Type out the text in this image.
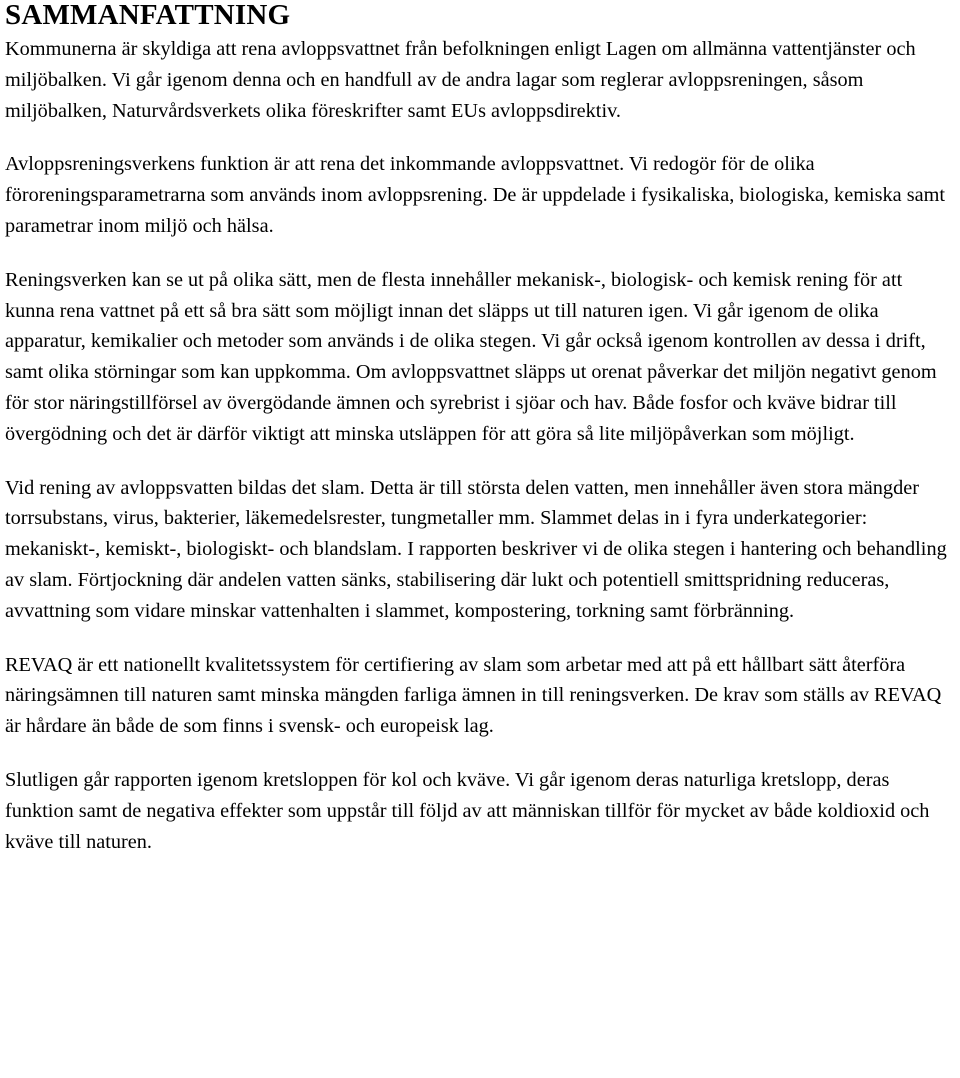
SAMMANFATTNING

Kommunerna är skyldiga att rena avloppsvattnet från befolkningen enligt Lagen om allmänna vattentjänster och miljöbalken. Vi går igenom denna och en handfull av de andra lagar som reglerar avloppsreningen, såsom miljöbalken, Naturvårdsverkets olika föreskrifter samt EUs avloppsdirektiv.

Avloppsreningsverkens funktion är att rena det inkommande avloppsvattnet. Vi redogör för de olika föroreningsparametrarna som används inom avloppsrening. De är uppdelade i fysikaliska, biologiska, kemiska samt parametrar inom miljö och hälsa.

Reningsverken kan se ut på olika sätt, men de flesta innehåller mekanisk-, biologisk- och kemisk rening för att kunna rena vattnet på ett så bra sätt som möjligt innan det släpps ut till naturen igen. Vi går igenom de olika apparatur, kemikalier och metoder som används i de olika stegen. Vi går också igenom kontrollen av dessa i drift, samt olika störningar som kan uppkomma. Om avloppsvattnet släpps ut orenat påverkar det miljön negativt genom för stor näringstillförsel av övergödande ämnen och syrebrist i sjöar och hav. Både fosfor och kväve bidrar till övergödning och det är därför viktigt att minska utsläppen för att göra så lite miljöpåverkan som möjligt.

Vid rening av avloppsvatten bildas det slam. Detta är till största delen vatten, men innehåller även stora mängder torrsubstans, virus, bakterier, läkemedelsrester, tungmetaller mm. Slammet delas in i fyra underkategorier: mekaniskt-, kemiskt-, biologiskt- och blandslam. I rapporten beskriver vi de olika stegen i hantering och behandling av slam. Förtjockning där andelen vatten sänks, stabilisering där lukt och potentiell smittspridning reduceras, avvattning som vidare minskar vattenhalten i slammet, kompostering, torkning samt förbränning.

REVAQ är ett nationellt kvalitetssystem för certifiering av slam som arbetar med att på ett hållbart sätt återföra näringsämnen till naturen samt minska mängden farliga ämnen in till reningsverken. De krav som ställs av REVAQ är hårdare än både de som finns i svensk- och europeisk lag.

Slutligen går rapporten igenom kretsloppen för kol och kväve. Vi går igenom deras naturliga kretslopp, deras funktion samt de negativa effekter som uppstår till följd av att människan tillför för mycket av både koldioxid och kväve till naturen.
